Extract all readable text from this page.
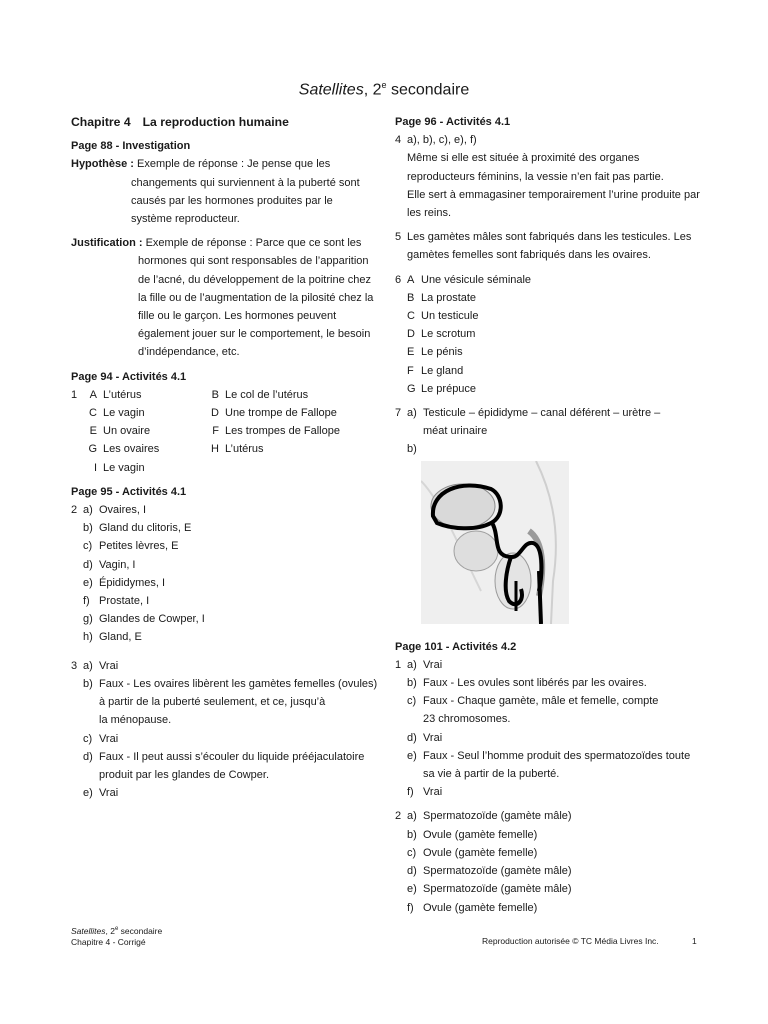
Satellites, 2e secondaire
Chapitre 4 La reproduction humaine
Page 88 - Investigation
Hypothèse : Exemple de réponse : Je pense que les
changements qui surviennent à la puberté sont
causés par les hormones produites par le
système reproducteur.
Justification : Exemple de réponse : Parce que ce sont les
hormones qui sont responsables de l’apparition
de l’acné, du développement de la poitrine chez
la fille ou de l’augmentation de la pilosité chez la
fille ou le garçon. Les hormones peuvent
également jouer sur le comportement, le besoin
d’indépendance, etc.
Page 94 - Activités 4.1
1	A L’utérus	B Le col de l’utérus
C Le vagin	D Une trompe de Fallope
E Un ovaire	F Les trompes de Fallope
G Les ovaires	H L’utérus
I Le vagin
Page 95 - Activités 4.1
2 a) Ovaires, I
b) Gland du clitoris, E
c) Petites lèvres, E
d) Vagin, I
e) Épididymes, I
f) Prostate, I
g) Glandes de Cowper, I
h) Gland, E
3 a) Vrai
b) Faux - Les ovaires libèrent les gamètes femelles (ovules)
à partir de la puberté seulement, et ce, jusqu’à
la ménopause.
c) Vrai
d) Faux - Il peut aussi s’écouler du liquide prééjaculatoire
produit par les glandes de Cowper.
e) Vrai
Page 96 - Activités 4.1
4 a), b), c), e), f)
Même si elle est située à proximité des organes
reproducteurs féminins, la vessie n’en fait pas partie.
Elle sert à emmagasiner temporairement l’urine produite par
les reins.
5 Les gamètes mâles sont fabriqués dans les testicules. Les
gamètes femelles sont fabriqués dans les ovaires.
6 A Une vésicule séminale
B La prostate
C Un testicule
D Le scrotum
E Le pénis
F Le gland
G Le prépuce
7 a) Testicule – épididyme – canal déférent – urètre –
méat urinaire
b)
Page 101 - Activités 4.2
1 a) Vrai
b) Faux - Les ovules sont libérés par les ovaires.
c) Faux - Chaque gamète, mâle et femelle, compte
23 chromosomes.
d) Vrai
e) Faux - Seul l’homme produit des spermatozoïdes toute
sa vie à partir de la puberté.
f) Vrai
2 a) Spermatozoïde (gamète mâle)
b) Ovule (gamète femelle)
c) Ovule (gamète femelle)
d) Spermatozoïde (gamète mâle)
e) Spermatozoïde (gamète mâle)
f) Ovule (gamète femelle)
Satellites, 2e secondaire
Chapitre 4 - Corrigé	Reproduction autorisée © TC Média Livres Inc.	1
